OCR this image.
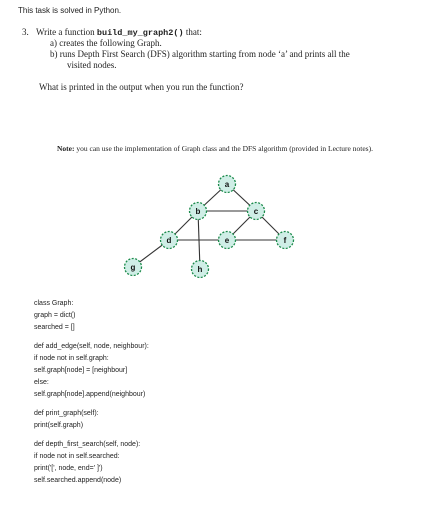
This task is solved in Python.
3. Write a function build_my_graph2() that:
a) creates the following Graph.
b) runs Depth First Search (DFS) algorithm starting from node ‘a’ and prints all the
visited nodes.
What is printed in the output when you run the function?
Note: you can use the implementation of Graph class and the DFS algorithm (provided in Lecture notes).
a
b	c
d	e	f
g	h
class Graph:
graph = dict()
searched = []
def add_edge(self, node, neighbour):
if node not in self.graph:
self.graph[node] = [neighbour]
else:
self.graph[node].append(neighbour)
def print_graph(self):
print(self.graph)
def depth_first_search(self, node):
if node not in self.searched:
print('[', node, end=' ]')
self.searched.append(node)
